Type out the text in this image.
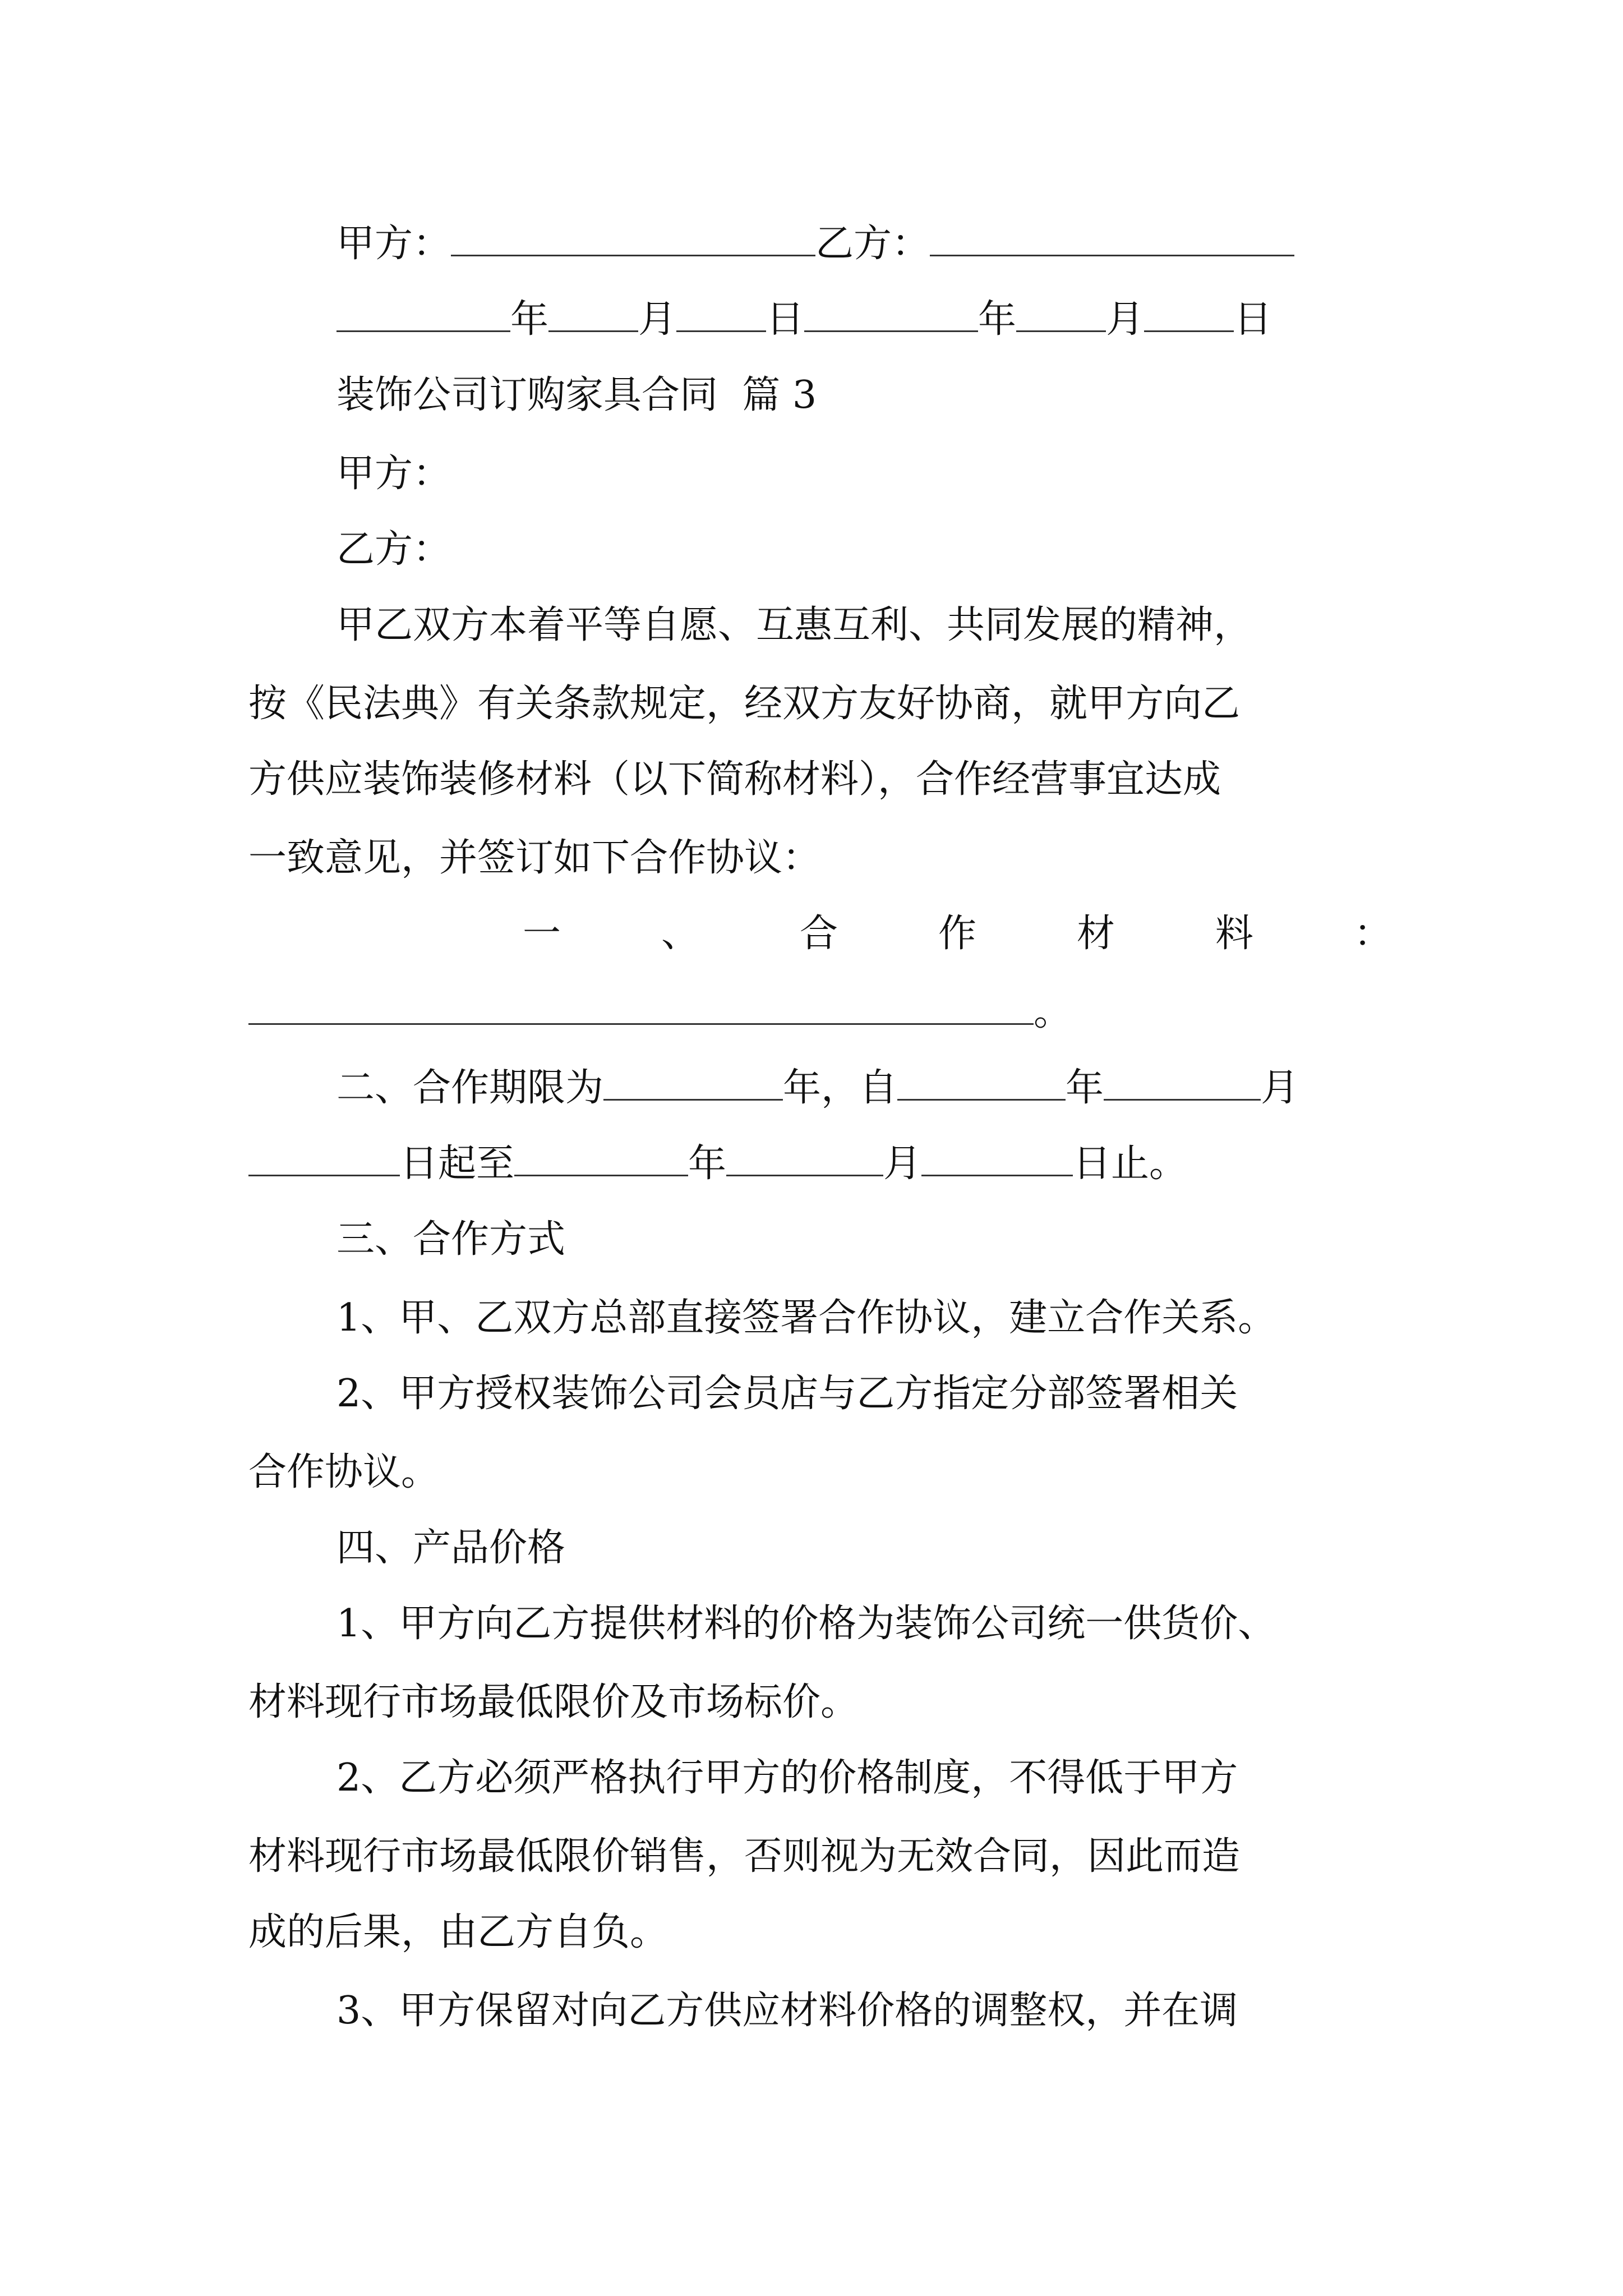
甲方：	乙方：
年 月 日	年 月 日

装饰公司订购家具合同  篇 3

甲方：

乙方：

甲乙双方本着平等自愿、互惠互利、共同发展的精神，

按《民法典》有关条款规定，经双方友好协商，就甲方向乙

方供应装饰装修材料（以下简称材料），合作经营事宜达成

一致意见，并签订如下合作协议：

一	、	合	作	材	料	：
。
二、合作期限为	年，自	年	月
日起至	年	月	日止。

三、合作方式

1、甲、乙双方总部直接签署合作协议，建立合作关系。

2、甲方授权装饰公司会员店与乙方指定分部签署相关

合作协议。

四、产品价格

1、甲方向乙方提供材料的价格为装饰公司统一供货价、

材料现行市场最低限价及市场标价。

2、乙方必须严格执行甲方的价格制度，不得低于甲方

材料现行市场最低限价销售，否则视为无效合同，因此而造

成的后果，由乙方自负。

3、甲方保留对向乙方供应材料价格的调整权，并在调
